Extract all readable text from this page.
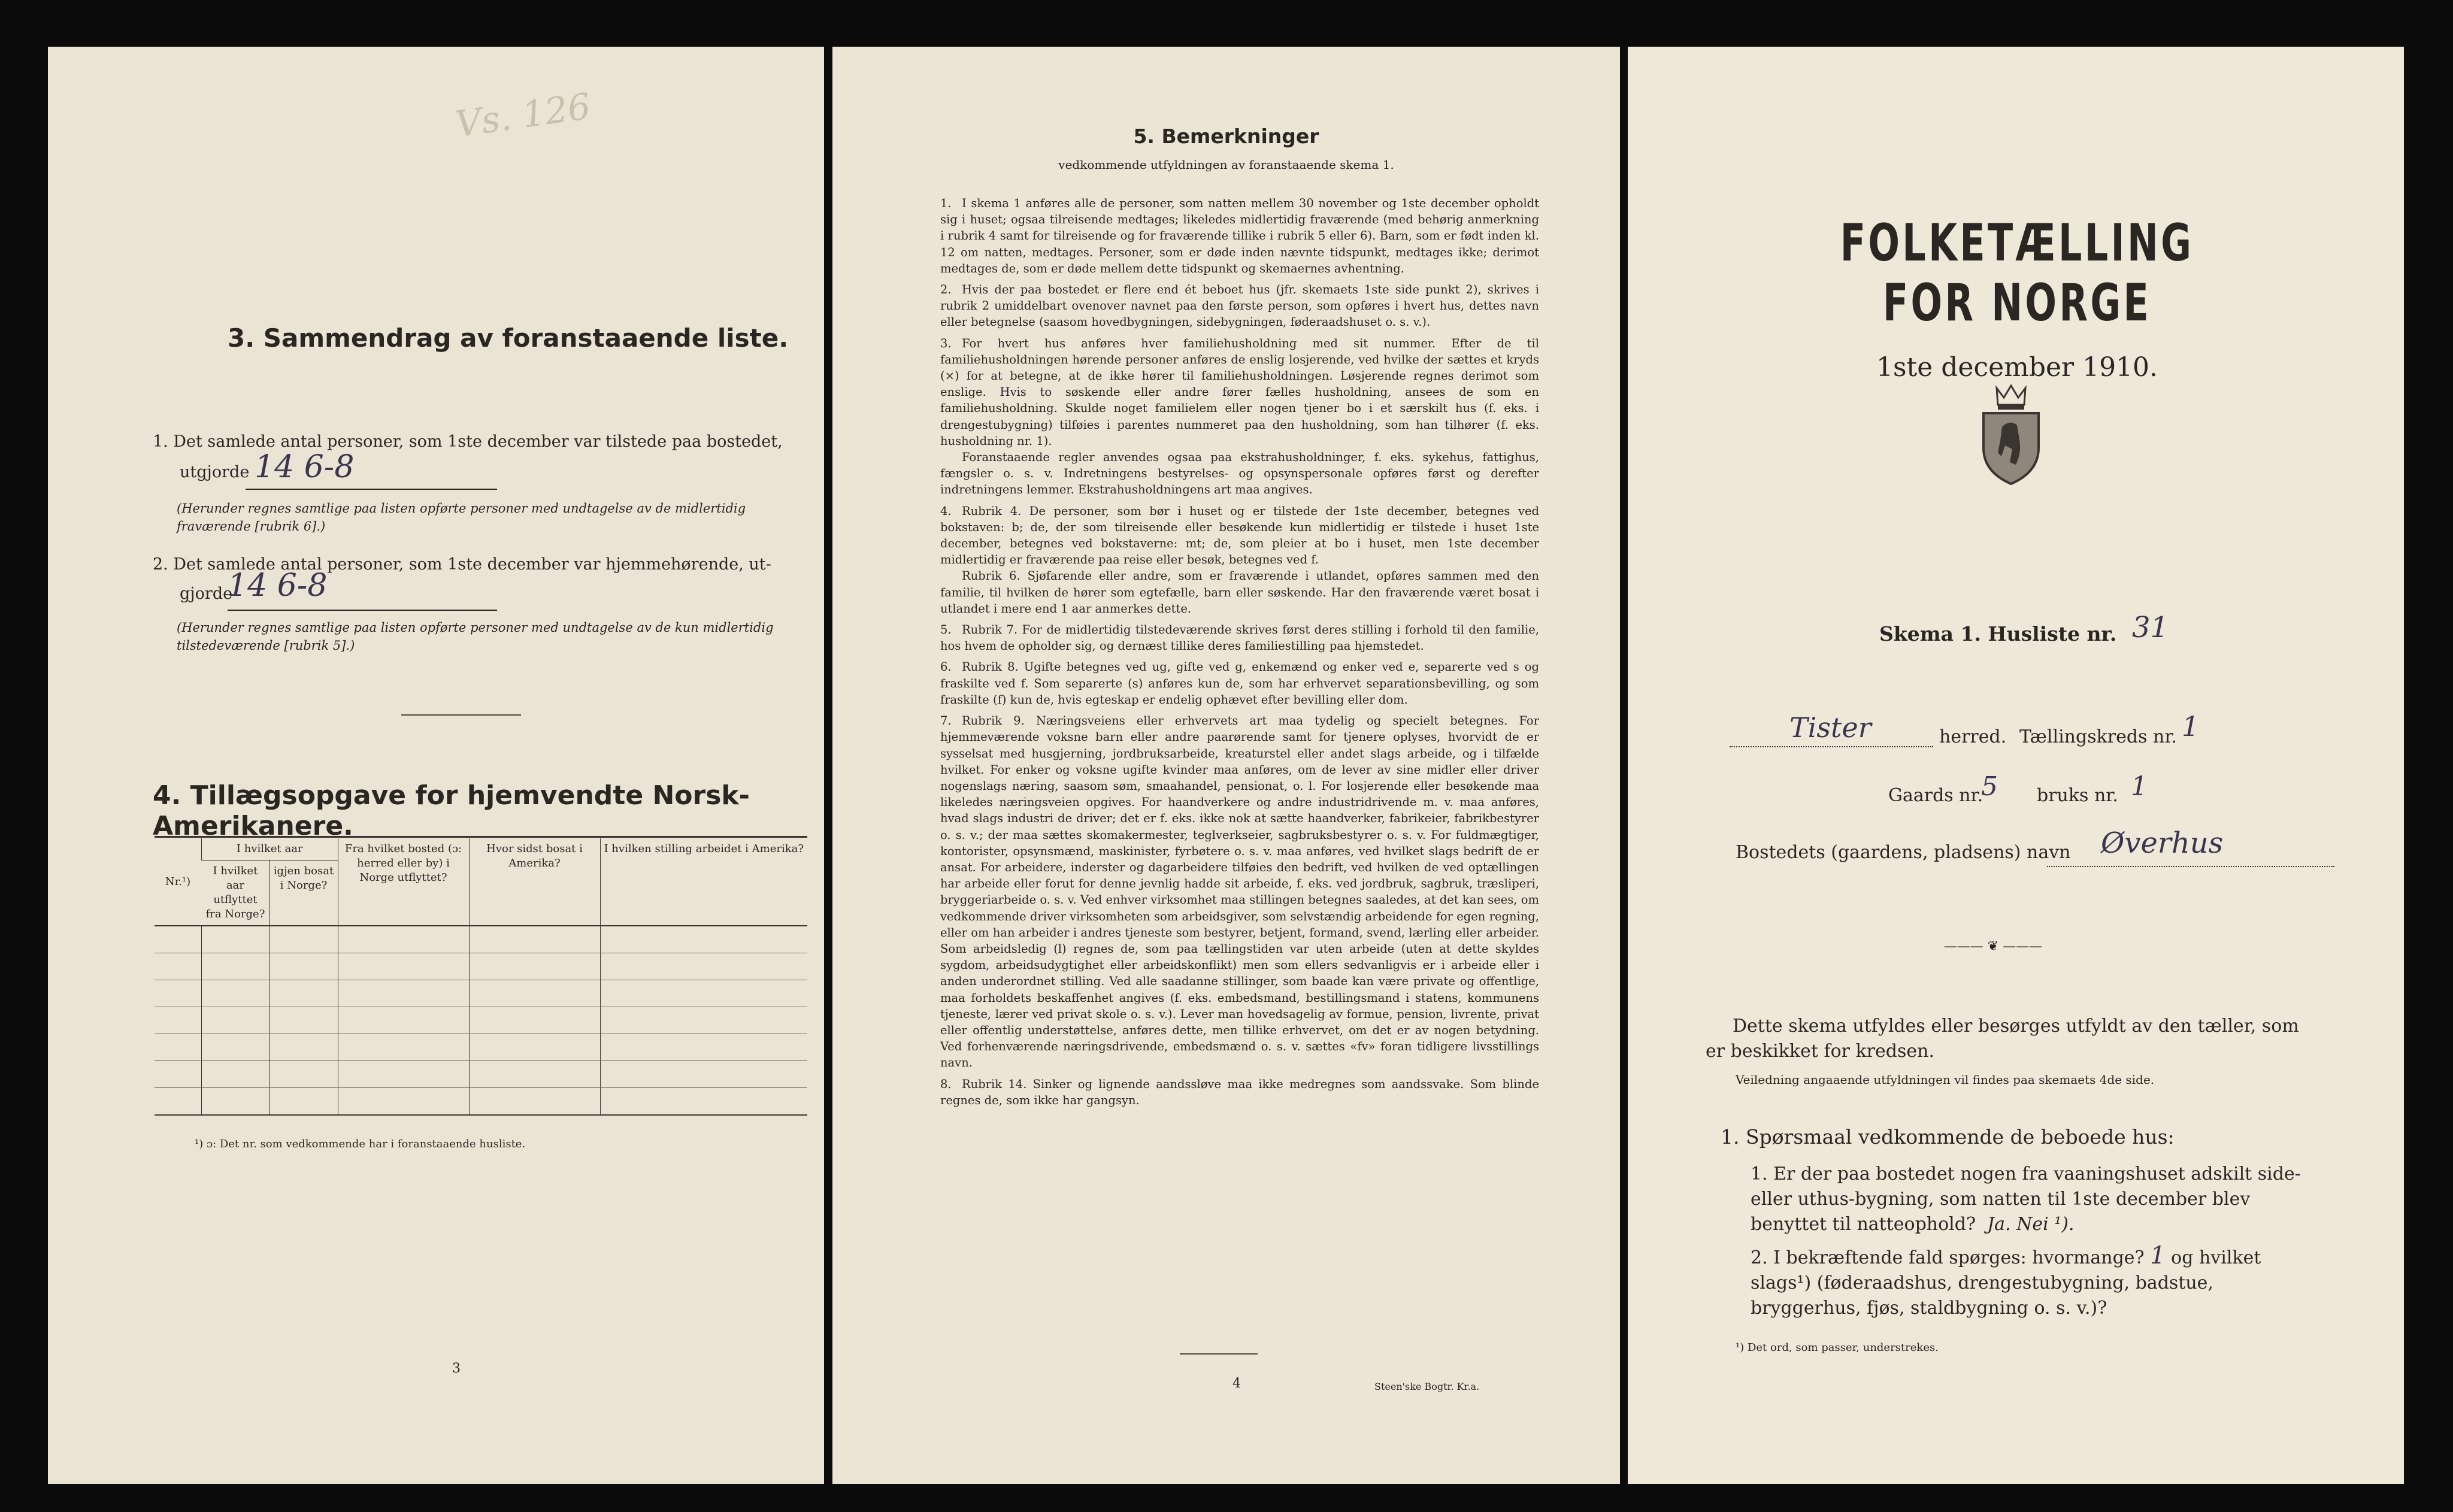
Vs. 126
3. Sammendrag av foranstaaende liste.
1. Det samlede antal personer, som 1ste december var tilstede paa bostedet,
utgjorde 14 6-8
(Herunder regnes samtlige paa listen opførte personer med undtagelse av de midlertidig fraværende [rubrik 6].)
2. Det samlede antal personer, som 1ste december var hjemmehørende, ut-
gjorde
14 6-8
(Herunder regnes samtlige paa listen opførte personer med undtagelse av de kun midlertidig tilstedeværende [rubrik 5].)
4. Tillægsopgave for hjemvendte Norsk-Amerikanere.
Nr.¹)	I hvilket aar		Fra hvilket bosted (ɔ: herred eller by) i Norge utflyttet?	Hvor sidst bosat i Amerika?	I hvilken stilling arbeidet i Amerika?
	I hvilket aar utflyttet fra Norge?	igjen bosat i Norge?			

¹) ɔ: Det nr. som vedkommende har i foranstaaende husliste.
3
5. Bemerkninger
vedkommende utfyldningen av foranstaaende skema 1.

1. I skema 1 anføres alle de personer, som natten mellem 30 november og 1ste december opholdt sig i huset; ogsaa tilreisende medtages; likeledes midlertidig fraværende (med behørig anmerkning i rubrik 4 samt for tilreisende og for fraværende tillike i rubrik 5 eller 6). Barn, som er født inden kl. 12 om natten, medtages. Personer, som er døde inden nævnte tidspunkt, medtages ikke; derimot medtages de, som er døde mellem dette tidspunkt og skemaernes avhentning.

2. Hvis der paa bostedet er flere end ét beboet hus (jfr. skemaets 1ste side punkt 2), skrives i rubrik 2 umiddelbart ovenover navnet paa den første person, som opføres i hvert hus, dettes navn eller betegnelse (saasom hovedbygningen, sidebygningen, føderaadshuset o. s. v.).

3. For hvert hus anføres hver familiehusholdning med sit nummer. Efter de til familiehusholdningen hørende personer anføres de enslig losjerende, ved hvilke der sættes et kryds (×) for at betegne, at de ikke hører til familiehusholdningen. Løsjerende regnes derimot som enslige. Hvis to søskende eller andre fører fælles husholdning, ansees de som en familiehusholdning. Skulde noget familielem eller nogen tjener bo i et særskilt hus (f. eks. i drengestubygning) tilføies i parentes nummeret paa den husholdning, som han tilhører (f. eks. husholdning nr. 1).

Foranstaaende regler anvendes ogsaa paa ekstrahusholdninger, f. eks. sykehus, fattighus, fængsler o. s. v. Indretningens bestyrelses- og opsynspersonale opføres først og derefter indretningens lemmer. Ekstrahusholdningens art maa angives.

4. Rubrik 4. De personer, som bør i huset og er tilstede der 1ste december, betegnes ved bokstaven: b; de, der som tilreisende eller besøkende kun midlertidig er tilstede i huset 1ste december, betegnes ved bokstaverne: mt; de, som pleier at bo i huset, men 1ste december midlertidig er fraværende paa reise eller besøk, betegnes ved f.

Rubrik 6. Sjøfarende eller andre, som er fraværende i utlandet, opføres sammen med den familie, til hvilken de hører som egtefælle, barn eller søskende. Har den fraværende været bosat i utlandet i mere end 1 aar anmerkes dette.

5. Rubrik 7. For de midlertidig tilstedeværende skrives først deres stilling i forhold til den familie, hos hvem de opholder sig, og dernæst tillike deres familiestilling paa hjemstedet.

6. Rubrik 8. Ugifte betegnes ved ug, gifte ved g, enkemænd og enker ved e, separerte ved s og fraskilte ved f. Som separerte (s) anføres kun de, som har erhvervet separationsbevilling, og som fraskilte (f) kun de, hvis egteskap er endelig ophævet efter bevilling eller dom.

7. Rubrik 9. Næringsveiens eller erhvervets art maa tydelig og specielt betegnes. For hjemmeværende voksne barn eller andre paarørende samt for tjenere oplyses, hvorvidt de er sysselsat med husgjerning, jordbruksarbeide, kreaturstel eller andet slags arbeide, og i tilfælde hvilket. For enker og voksne ugifte kvinder maa anføres, om de lever av sine midler eller driver nogenslags næring, saasom søm, smaahandel, pensionat, o. l. For losjerende eller besøkende maa likeledes næringsveien opgives. For haandverkere og andre industridrivende m. v. maa anføres, hvad slags industri de driver; det er f. eks. ikke nok at sætte haandverker, fabrikeier, fabrikbestyrer o. s. v.; der maa sættes skomakermester, teglverkseier, sagbruksbestyrer o. s. v. For fuldmægtiger, kontorister, opsynsmænd, maskinister, fyrbøtere o. s. v. maa anføres, ved hvilket slags bedrift de er ansat. For arbeidere, inderster og dagarbeidere tilføies den bedrift, ved hvilken de ved optællingen har arbeide eller forut for denne jevnlig hadde sit arbeide, f. eks. ved jordbruk, sagbruk, træsliperi, bryggeriarbeide o. s. v. Ved enhver virksomhet maa stillingen betegnes saaledes, at det kan sees, om vedkommende driver virksomheten som arbeidsgiver, som selvstændig arbeidende for egen regning, eller om han arbeider i andres tjeneste som bestyrer, betjent, formand, svend, lærling eller arbeider. Som arbeidsledig (l) regnes de, som paa tællingstiden var uten arbeide (uten at dette skyldes sygdom, arbeidsudygtighet eller arbeidskonflikt) men som ellers sedvanligvis er i arbeide eller i anden underordnet stilling. Ved alle saadanne stillinger, som baade kan være private og offentlige, maa forholdets beskaffenhet angives (f. eks. embedsmand, bestillingsmand i statens, kommunens tjeneste, lærer ved privat skole o. s. v.). Lever man hovedsagelig av formue, pension, livrente, privat eller offentlig understøttelse, anføres dette, men tillike erhvervet, om det er av nogen betydning. Ved forhenværende næringsdrivende, embedsmænd o. s. v. sættes «fv» foran tidligere livsstillings navn.

8. Rubrik 14. Sinker og lignende aandssløve maa ikke medregnes som aandssvake. Som blinde regnes de, som ikke har gangsyn.

4	Steen'ske Bogtr. Kr.a.
FOLKETÆLLING FOR NORGE
1ste december 1910.
Skema 1. Husliste nr. 31
Tister	herred. Tællingskreds nr. 1
Gaards nr.
5 bruks nr. 1
Bostedets (gaardens, pladsens) navn Øverhus
——— ❦ ———
Dette skema utfyldes eller besørges utfyldt av den tæller, som er beskikket for kredsen.
Veiledning angaaende utfyldningen vil findes paa skemaets 4de side.
1. Spørsmaal vedkommende de beboede hus:
1. Er der paa bostedet nogen fra vaaningshuset adskilt side- eller uthus-bygning, som natten til 1ste december blev benyttet til natteophold? Ja. Nei ¹).
2. I bekræftende fald spørges: hvormange? 1 og hvilket slags¹) (føderaadshus, drengestubygning, badstue, bryggerhus, fjøs, staldbygning o. s. v.)?
¹) Det ord, som passer, understrekes.
